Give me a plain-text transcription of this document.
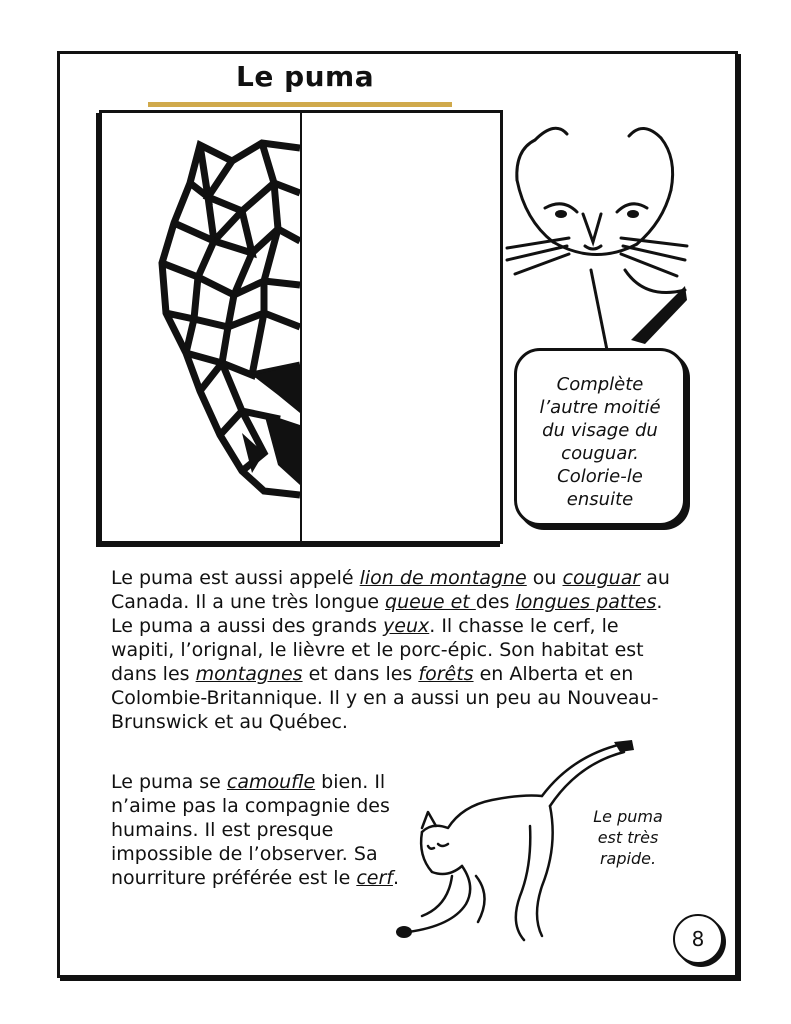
Le puma
Complète
l’autre moitié
du visage du
couguar.
Colorie-le
ensuite
Le puma est aussi appelé lion de montagne ou couguar au Canada. Il a une très longue queue et des longues pattes. Le puma a aussi des grands yeux. Il chasse le cerf, le wapiti, l’orignal, le lièvre et le porc-épic. Son habitat est dans les montagnes et dans les forêts en Alberta et en Colombie-Britannique. Il y en a aussi un peu au Nouveau-Brunswick et au Québec.
Le puma se camoufle bien. Il n’aime pas la compagnie des humains. Il est presque impossible de l’observer. Sa nourriture préférée est le cerf.
Le puma
est très
rapide.
8
